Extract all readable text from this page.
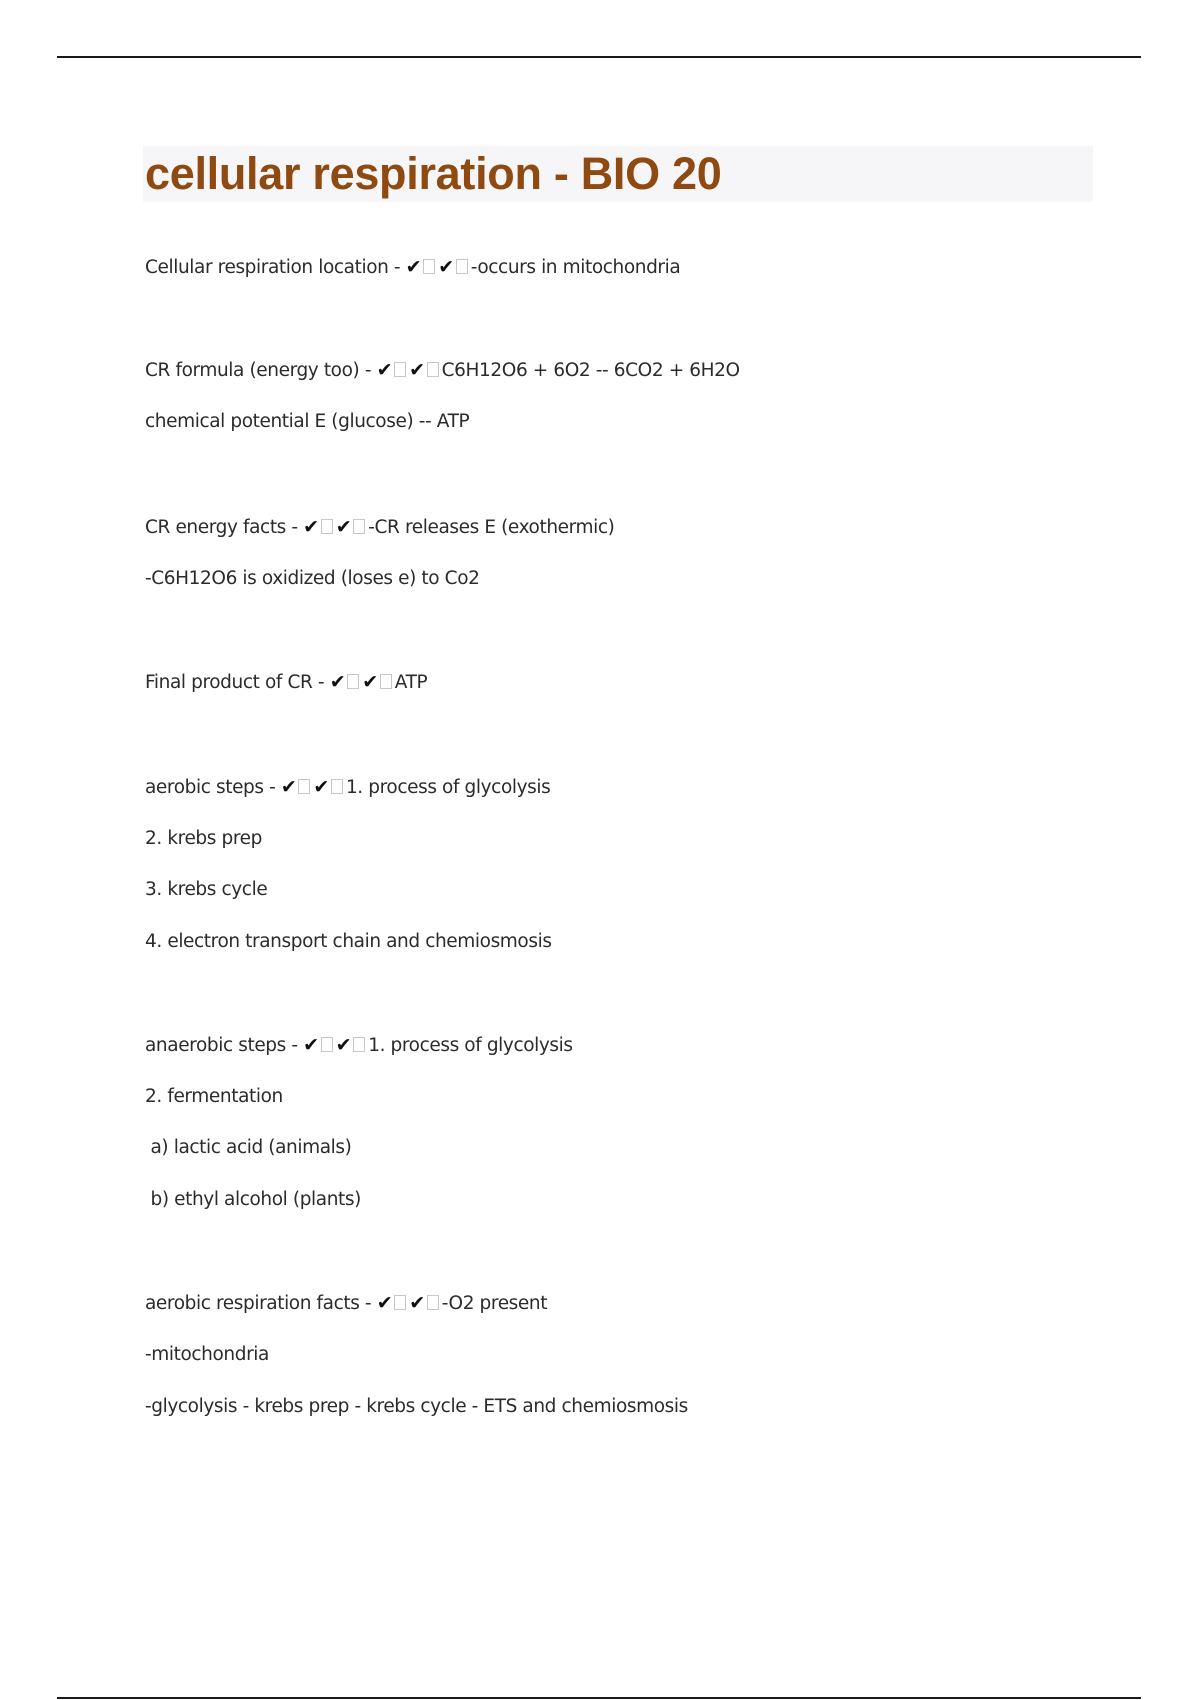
cellular respiration - BIO 20

Cellular respiration location - ✔ ✔ -occurs in mitochondria

CR formula (energy too) - ✔ ✔ C6H12O6 + 6O2 -- 6CO2 + 6H2O

chemical potential E (glucose) -- ATP

CR energy facts - ✔ ✔ -CR releases E (exothermic)

-C6H12O6 is oxidized (loses e) to Co2

Final product of CR - ✔ ✔ ATP

aerobic steps - ✔ ✔ 1. process of glycolysis

2. krebs prep

3. krebs cycle

4. electron transport chain and chemiosmosis

anaerobic steps - ✔ ✔ 1. process of glycolysis

2. fermentation

a) lactic acid (animals)

b) ethyl alcohol (plants)

aerobic respiration facts - ✔ ✔ -O2 present

-mitochondria

-glycolysis - krebs prep - krebs cycle - ETS and chemiosmosis
